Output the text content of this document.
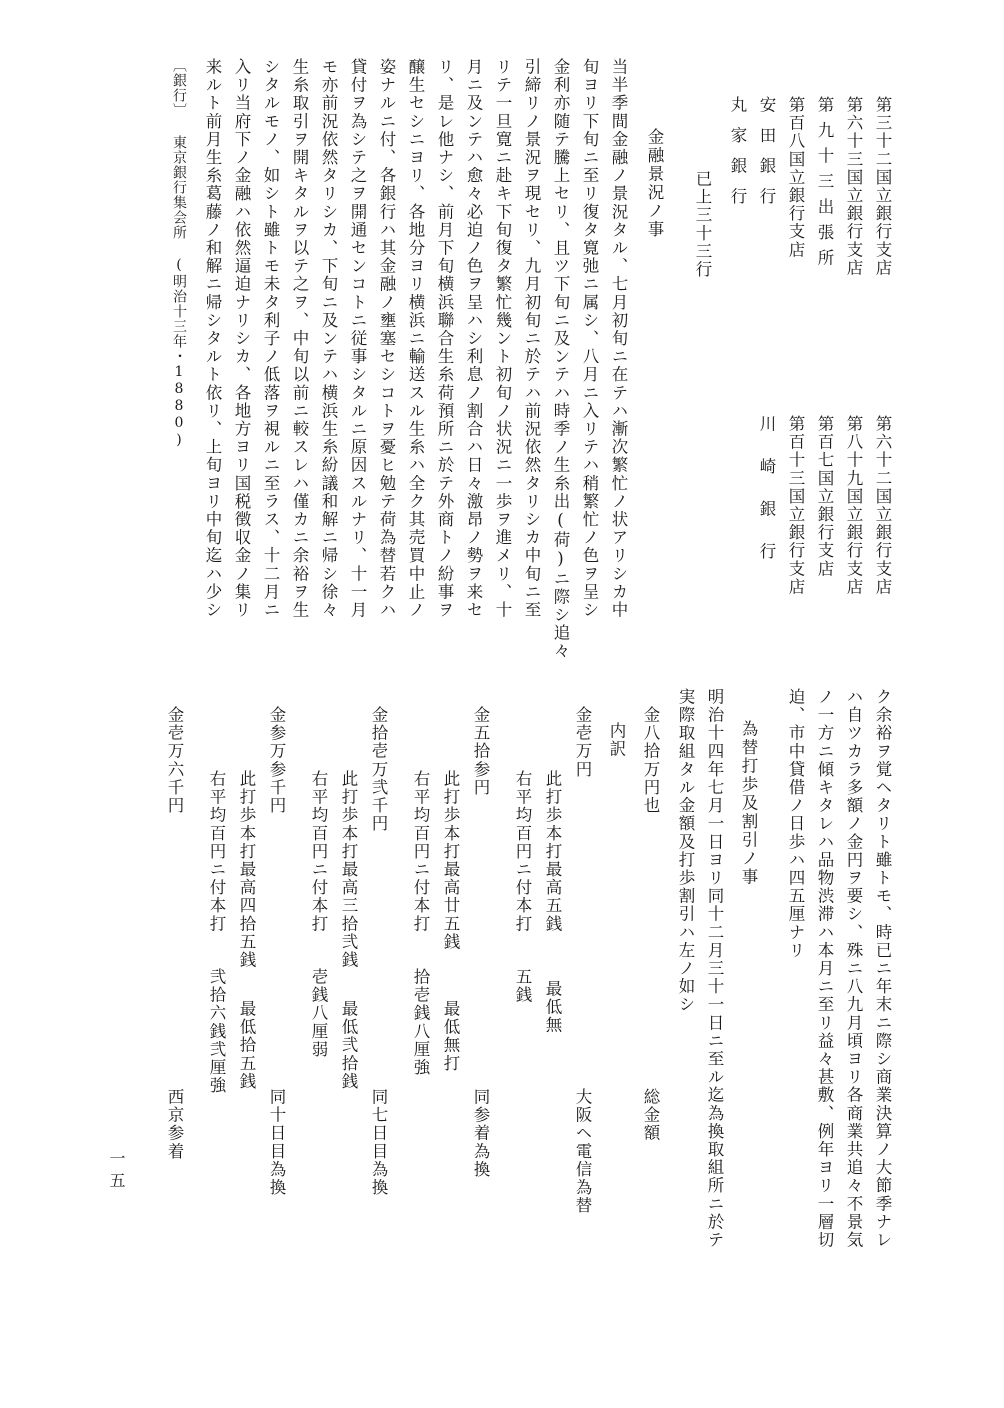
第三十二国立銀行支店
第六十三国立銀行支店
第九十三出張所
第百八国立銀行支店
安田銀行
丸家銀行
第六十二国立銀行支店
第八十九国立銀行支店
第百七国立銀行支店
第百十三国立銀行支店
川崎銀行
已上三十三行
金融景況ノ事
当半季間金融ノ景況タル、七月初旬ニ在テハ漸次繁忙ノ状アリシカ中
旬ヨリ下旬ニ至リ復タ寛弛ニ属シ、八月ニ入リテハ稍繁忙ノ色ヲ呈シ
金利亦随テ騰上セリ、且ツ下旬ニ及ンテハ時季ノ生糸出(荷)ニ際シ追々
引締リノ景況ヲ現セリ、九月初旬ニ於テハ前況依然タリシカ中旬ニ至
リテ一旦寛ニ赴キ下旬復タ繁忙幾ント初旬ノ状況ニ一歩ヲ進メリ、十
月ニ及ンテハ愈々必迫ノ色ヲ呈ハシ利息ノ割合ハ日々激昂ノ勢ヲ来セ
リ、是レ他ナシ、前月下旬横浜聯合生糸荷預所ニ於テ外商トノ紛事ヲ
醸生セシニヨリ、各地分ヨリ横浜ニ輸送スル生糸ハ全ク其売買中止ノ
姿ナルニ付、各銀行ハ其金融ノ壅塞セシコトヲ憂ヒ勉テ荷為替若クハ
貸付ヲ為シテ之ヲ開通センコトニ従事シタルニ原因スルナリ、十一月
モ亦前況依然タリシカ、下旬ニ及ンテハ横浜生糸紛議和解ニ帰シ徐々
生糸取引ヲ開キタルヲ以テ之ヲ、中旬以前ニ較スレハ僅カニ余裕ヲ生
シタルモノ、如シト雖トモ未タ利子ノ低落ヲ視ルニ至ラス、十二月ニ
入リ当府下ノ金融ハ依然逼迫ナリシカ、各地方ヨリ国税徴収金ノ集リ
来ルト前月生糸葛藤ノ和解ニ帰シタルト依リ、上旬ヨリ中旬迄ハ少シ
〔銀行〕 東京銀行集会所 (明治十三年・1880)
ク余裕ヲ覚ヘタリト雖トモ、時已ニ年末ニ際シ商業決算ノ大節季ナレ
ハ自ツカラ多額ノ金円ヲ要シ、殊ニ八九月頃ヨリ各商業共追々不景気
ノ一方ニ傾キタレハ品物渋滞ハ本月ニ至リ益々甚敷、例年ヨリ一層切
迫、市中貸借ノ日歩ハ四五厘ナリ
為替打歩及割引ノ事
明治十四年七月一日ヨリ同十二月三十一日ニ至ル迄為換取組所ニ於テ
実際取組タル金額及打歩割引ハ左ノ如シ
金八拾万円也
総金額
内訳
金壱万円
大阪ヘ電信為替
此打歩本打最高五銭
最低無
右平均百円ニ付本打
五銭
金五拾参円
同参着為換
此打歩本打最高廿五銭
最低無打
右平均百円ニ付本打
拾壱銭八厘強
金拾壱万弐千円
同七日目為換
此打歩本打最高三拾弐銭
最低弐拾銭
右平均百円ニ付本打
壱銭八厘弱
金参万参千円
同十日目為換
此打歩本打最高四拾五銭
最低拾五銭
右平均百円ニ付本打
弐拾六銭弐厘強
金壱万六千円
西京参着
一五
